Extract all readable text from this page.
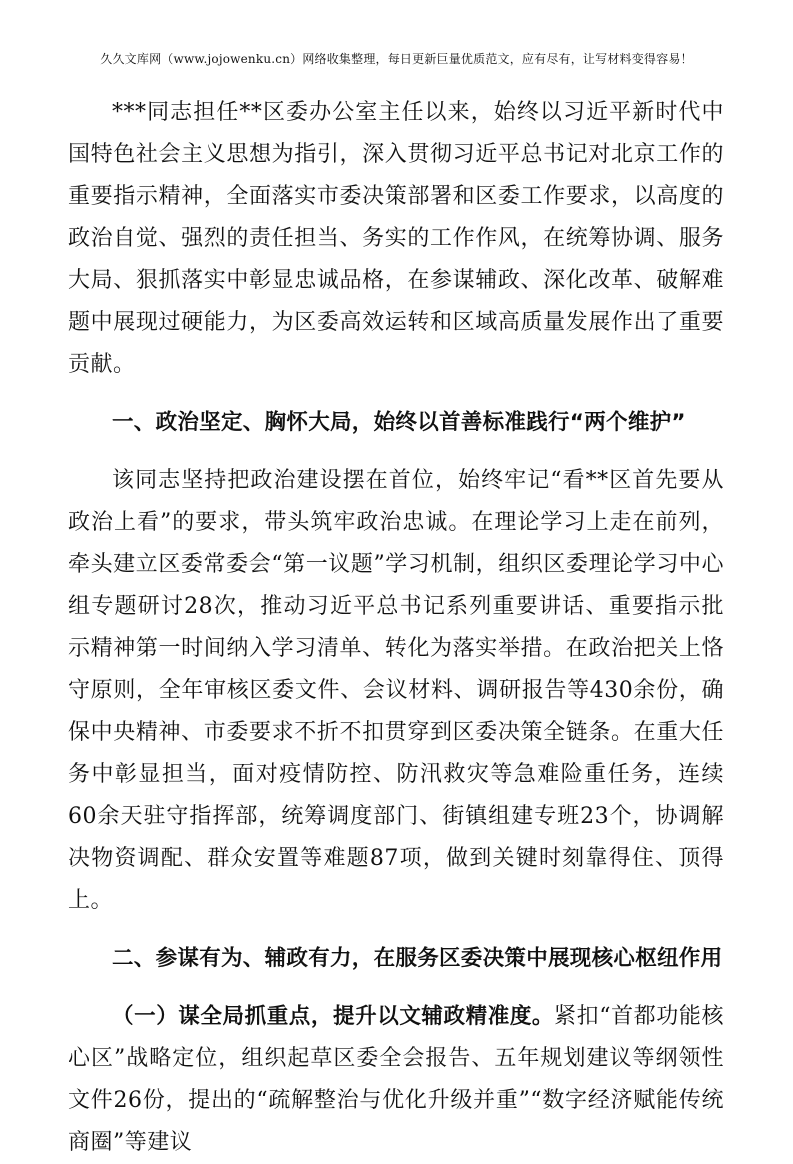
久久文库网（www.jojowenku.cn）网络收集整理，每日更新巨量优质范文，应有尽有，让写材料变得容易！

***同志担任**区委办公室主任以来，始终以习近平新时代中国特色社会主义思想为指引，深入贯彻习近平总书记对北京工作的重要指示精神，全面落实市委决策部署和区委工作要求，以高度的政治自觉、强烈的责任担当、务实的工作作风，在统筹协调、服务大局、狠抓落实中彰显忠诚品格，在参谋辅政、深化改革、破解难题中展现过硬能力，为区委高效运转和区域高质量发展作出了重要贡献。

一、政治坚定、胸怀大局，始终以首善标准践行“两个维护”

该同志坚持把政治建设摆在首位，始终牢记“看**区首先要从政治上看”的要求，带头筑牢政治忠诚。在理论学习上走在前列，牵头建立区委常委会“第一议题”学习机制，组织区委理论学习中心组专题研讨28次，推动习近平总书记系列重要讲话、重要指示批示精神第一时间纳入学习清单、转化为落实举措。在政治把关上恪守原则，全年审核区委文件、会议材料、调研报告等430余份，确保中央精神、市委要求不折不扣贯穿到区委决策全链条。在重大任务中彰显担当，面对疫情防控、防汛救灾等急难险重任务，连续60余天驻守指挥部，统筹调度部门、街镇组建专班23个，协调解决物资调配、群众安置等难题87项，做到关键时刻靠得住、顶得上。

二、参谋有为、辅政有力，在服务区委决策中展现核心枢纽作用

（一）谋全局抓重点，提升以文辅政精准度。紧扣“首都功能核心区”战略定位，组织起草区委全会报告、五年规划建议等纲领性文件26份，提出的“疏解整治与优化升级并重”“数字经济赋能传统商圈”等建议
